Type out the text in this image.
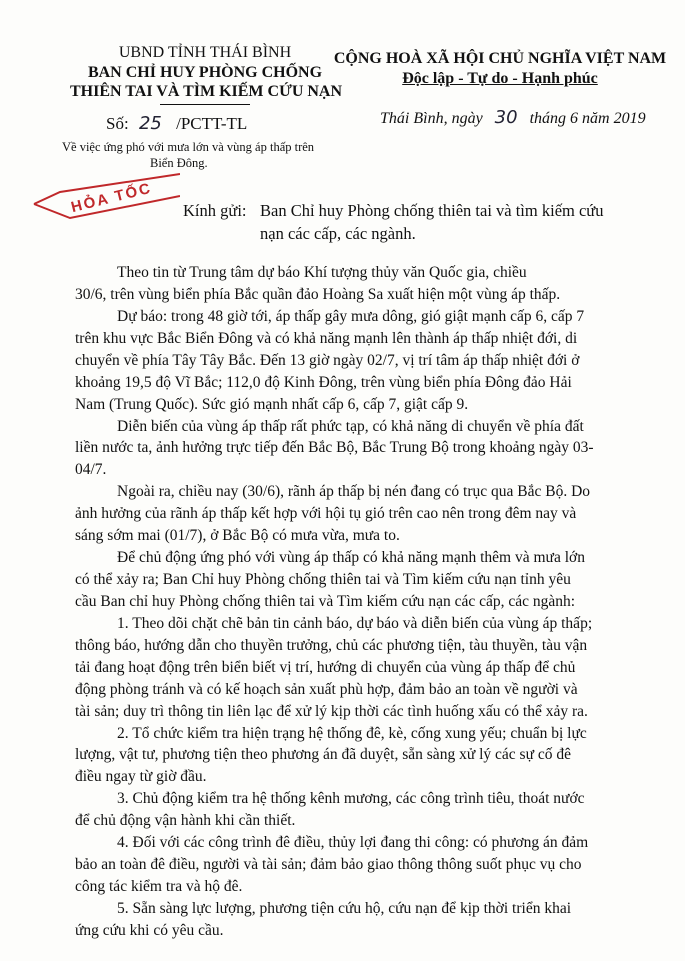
UBND TỈNH THÁI BÌNH
BAN CHỈ HUY PHÒNG CHỐNG
THIÊN TAI VÀ TÌM KIẾM CỨU NẠN
CỘNG HOÀ XÃ HỘI CHỦ NGHĨA VIỆT NAM
Độc lập - Tự do - Hạnh phúc
Số: 25 /PCTT-TL	Thái Bình, ngày 30 tháng 6 năm 2019
Về việc ứng phó với mưa lớn và vùng áp thấp trên
Biển Đông.
HỎA TỐC Kính gửi: Ban Chỉ huy Phòng chống thiên tai và tìm kiếm cứu
nạn các cấp, các ngành.
Theo tin từ Trung tâm dự báo Khí tượng thủy văn Quốc gia, chiều
30/6, trên vùng biển phía Bắc quần đảo Hoàng Sa xuất hiện một vùng áp thấp.
Dự báo: trong 48 giờ tới, áp thấp gây mưa dông, gió giật mạnh cấp 6, cấp 7
trên khu vực Bắc Biển Đông và có khả năng mạnh lên thành áp thấp nhiệt đới, di
chuyển về phía Tây Tây Bắc. Đến 13 giờ ngày 02/7, vị trí tâm áp thấp nhiệt đới ở
khoảng 19,5 độ Vĩ Bắc; 112,0 độ Kinh Đông, trên vùng biển phía Đông đảo Hải
Nam (Trung Quốc). Sức gió mạnh nhất cấp 6, cấp 7, giật cấp 9.
Diễn biến của vùng áp thấp rất phức tạp, có khả năng di chuyển về phía đất
liền nước ta, ảnh hưởng trực tiếp đến Bắc Bộ, Bắc Trung Bộ trong khoảng ngày 03-
04/7.
Ngoài ra, chiều nay (30/6), rãnh áp thấp bị nén đang có trục qua Bắc Bộ. Do
ảnh hưởng của rãnh áp thấp kết hợp với hội tụ gió trên cao nên trong đêm nay và
sáng sớm mai (01/7), ở Bắc Bộ có mưa vừa, mưa to.
Để chủ động ứng phó với vùng áp thấp có khả năng mạnh thêm và mưa lớn
có thể xảy ra; Ban Chỉ huy Phòng chống thiên tai và Tìm kiếm cứu nạn tỉnh yêu
cầu Ban chỉ huy Phòng chống thiên tai và Tìm kiếm cứu nạn các cấp, các ngành:
1. Theo dõi chặt chẽ bản tin cảnh báo, dự báo và diễn biến của vùng áp thấp;
thông báo, hướng dẫn cho thuyền trưởng, chủ các phương tiện, tàu thuyền, tàu vận
tải đang hoạt động trên biển biết vị trí, hướng di chuyển của vùng áp thấp để chủ
động phòng tránh và có kế hoạch sản xuất phù hợp, đảm bảo an toàn về người và
tài sản; duy trì thông tin liên lạc để xử lý kịp thời các tình huống xấu có thể xảy ra.
2. Tổ chức kiểm tra hiện trạng hệ thống đê, kè, cống xung yếu; chuẩn bị lực
lượng, vật tư, phương tiện theo phương án đã duyệt, sẵn sàng xử lý các sự cố đê
điều ngay từ giờ đầu.
3. Chủ động kiểm tra hệ thống kênh mương, các công trình tiêu, thoát nước
để chủ động vận hành khi cần thiết.
4. Đối với các công trình đê điều, thủy lợi đang thi công: có phương án đảm
bảo an toàn đê điều, người và tài sản; đảm bảo giao thông thông suốt phục vụ cho
công tác kiểm tra và hộ đê.
5. Sẵn sàng lực lượng, phương tiện cứu hộ, cứu nạn để kịp thời triển khai
ứng cứu khi có yêu cầu.
